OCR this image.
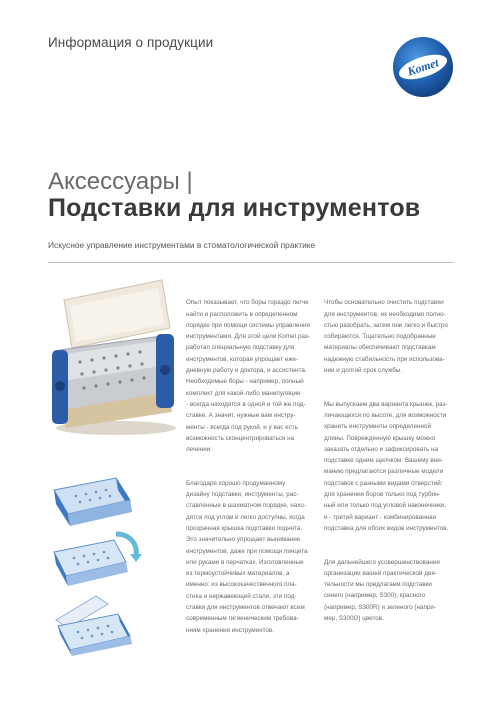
Информация о продукции
Komet
Аксессуары |
Подставки для инструментов
Искусное управление инструментами в стоматологической практике

Опыт показывает, что боры гораздо легче
найти и расположить в определенном
порядке при помощи системы управления
инструментами. Для этой цели Komet раз-
работал специальную подставку для
инструментов, которая упрощает еже-
дневную работу и доктора, и ассистента.
Необходимые боры - например, полный
комплект для какой-либо манипуляции
- всегда находятся в одной и той же под-
ставке. А значит, нужные вам инстру-
менты - всегда под рукой, и у вас есть
возможность сконцентрироваться на
лечении.

Благодаря хорошо продуманному
дизайну подставки, инструменты, рас-
ставленные в шахматном порядке, нахо-
дятся под углом и легко доступны, когда
прозрачная крышка подставки поднята.
Это значительно упрощает вынимание
инструментов, даже при помощи пинцета
или руками в перчатках. Изготовленные
из термоустойчивых материалов, а
именно: из высококачественного пла-
стика и нержавеющей стали, эти под-
ставки для инструментов отвечают всем
современным гигиеническим требова-
ниям хранения инструментов.

Чтобы основательно очистить подставки
для инструментов, их необходимо полно-
стью разобрать, затем они легко и быстро
собираются. Тщательно подобранные
материалы обеспечивают подставкам
надежную стабильность при использова-
нии и долгий срок службы.

Мы выпускаем два варианта крышек, раз-
личающихся по высоте, для возможности
хранить инструменты определенной
длины. Поврежденную крышку можно
заказать отдельно и зафиксировать на
подставке одним щелчком. Вашему вни-
манию предлагаются различные модели
подставок с разными видами отверстий:
для хранения боров только под турбин-
ный или только под угловой наконечники,
и - третий вариант - комбинированная
подставка для обоих видов инструментов.

Для дальнейшего усовершенствования
организации вашей практической дея-
тельности мы предлагаем подставки
синего (например, S300), красного
(например, S300R) и зеленого (напри-
мер, S300G) цветов.
